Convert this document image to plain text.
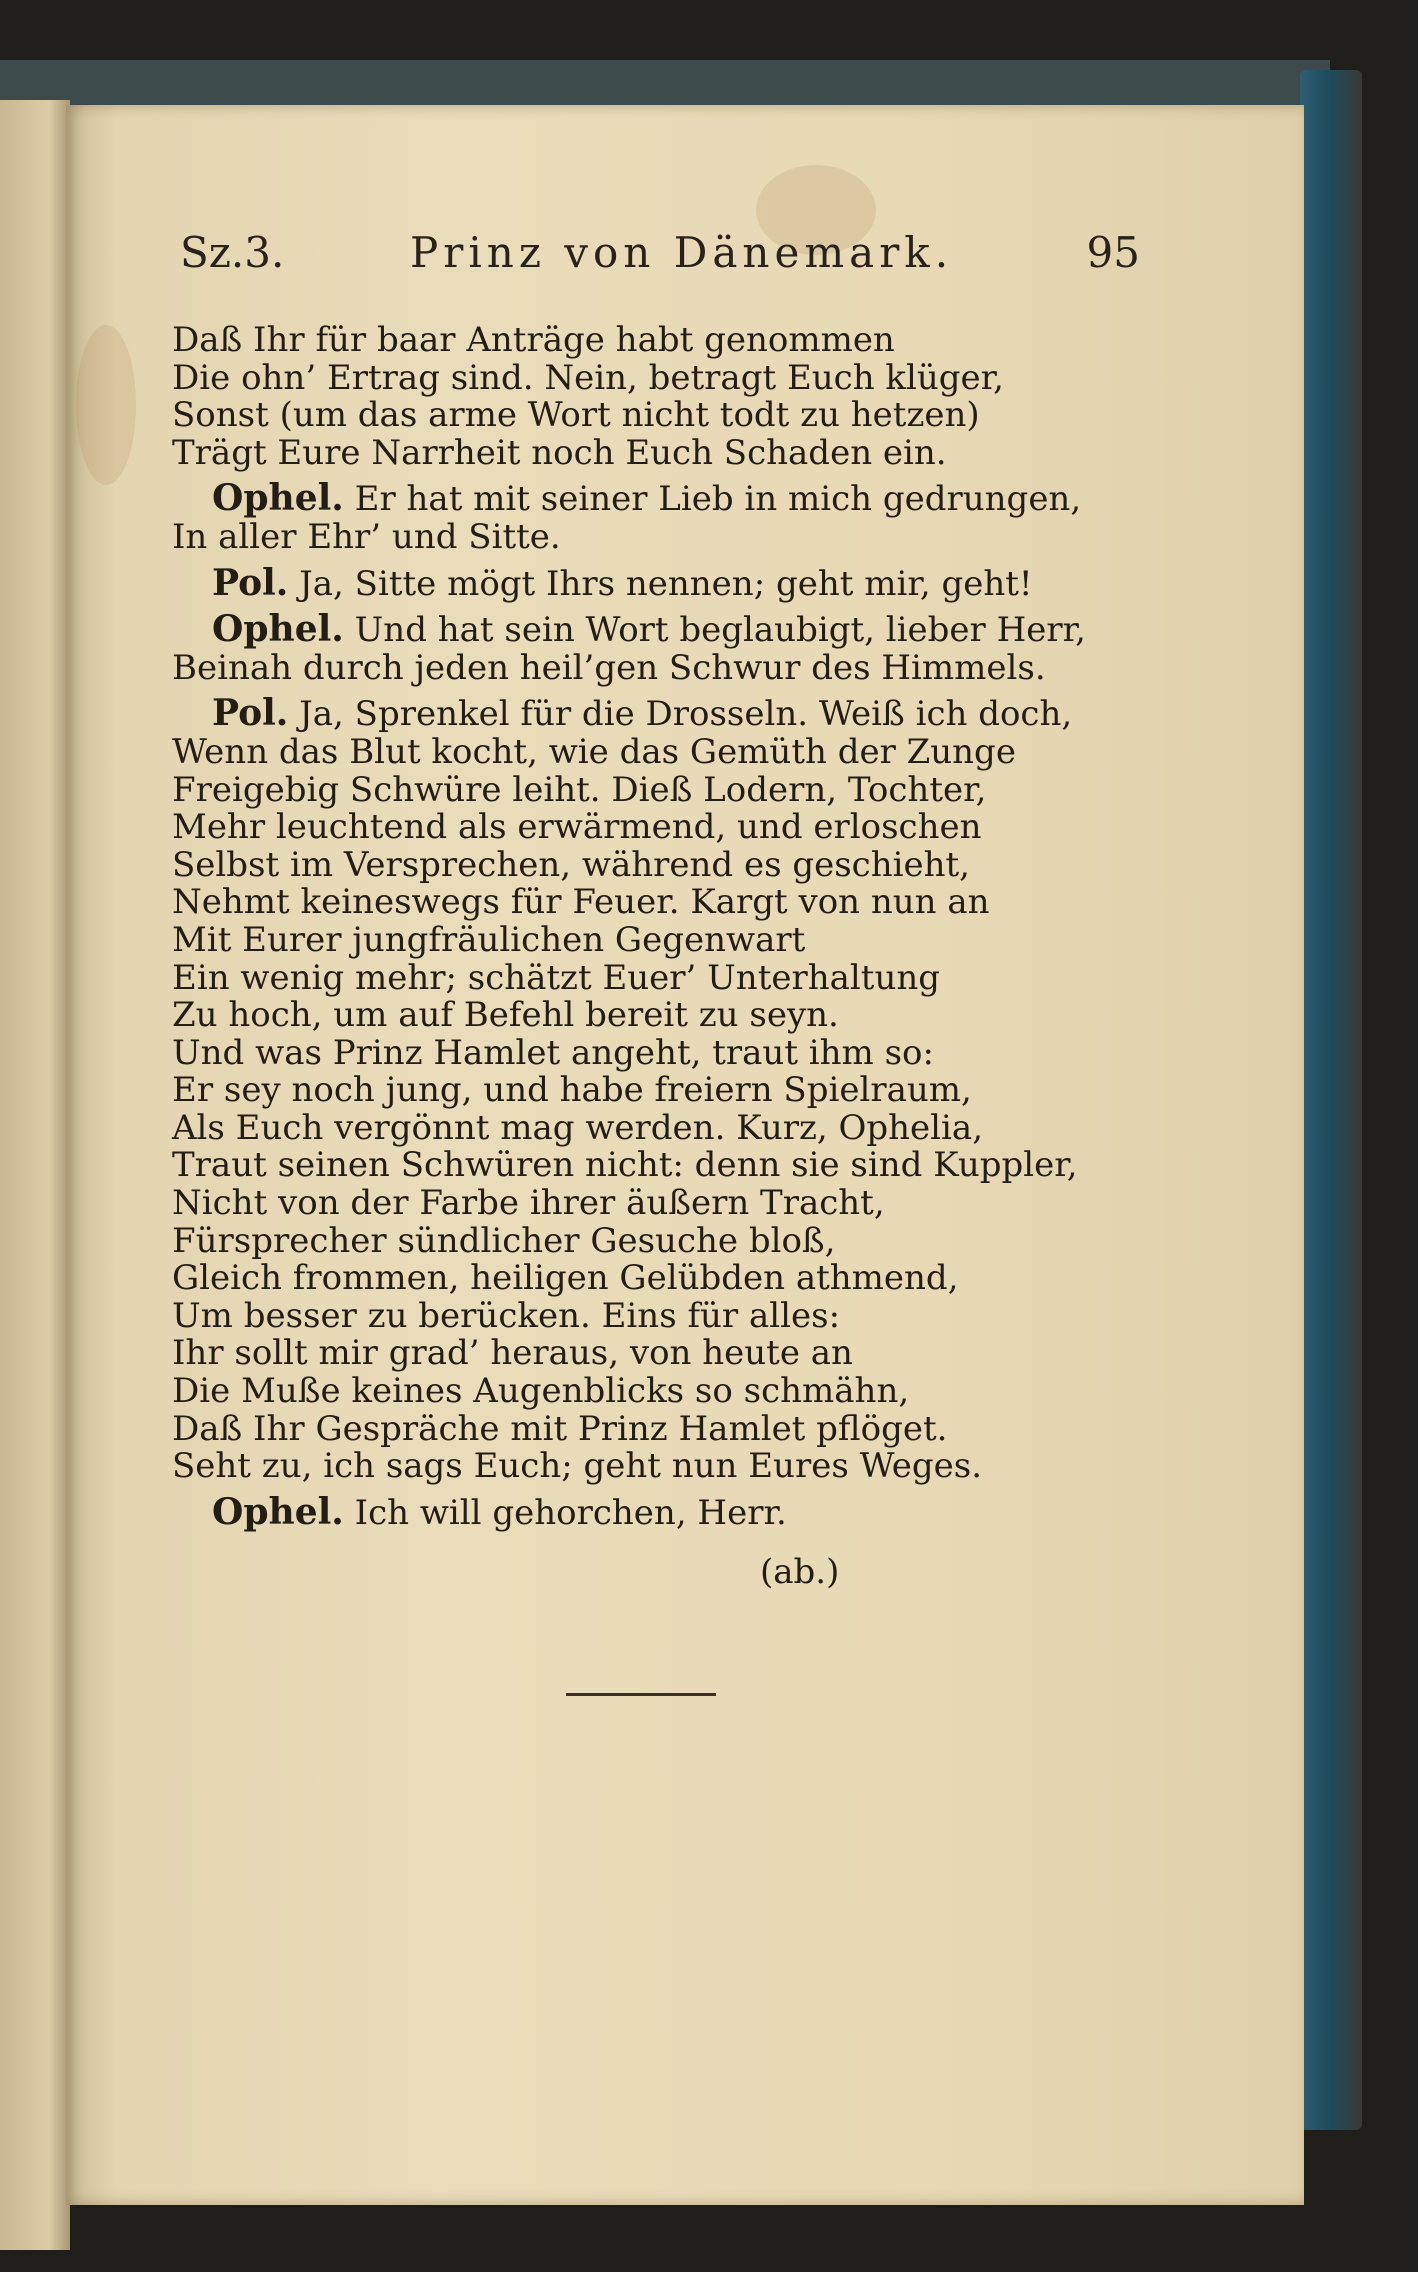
Sz.3.	Prinz von Dänemark.	95
Daß Ihr für baar Anträge habt genommen
Die ohn’ Ertrag sind. Nein, betragt Euch klüger,
Sonst (um das arme Wort nicht todt zu hetzen)
Trägt Eure Narrheit noch Euch Schaden ein.
Ophel. Er hat mit seiner Lieb in mich gedrungen,
In aller Ehr’ und Sitte.
Pol. Ja, Sitte mögt Ihrs nennen; geht mir, geht!
Ophel. Und hat sein Wort beglaubigt, lieber Herr,
Beinah durch jeden heil’gen Schwur des Himmels.
Pol. Ja, Sprenkel für die Drosseln. Weiß ich doch,
Wenn das Blut kocht, wie das Gemüth der Zunge
Freigebig Schwüre leiht. Dieß Lodern, Tochter,
Mehr leuchtend als erwärmend, und erloschen
Selbst im Versprechen, während es geschieht,
Nehmt keineswegs für Feuer. Kargt von nun an
Mit Eurer jungfräulichen Gegenwart
Ein wenig mehr; schätzt Euer’ Unterhaltung
Zu hoch, um auf Befehl bereit zu seyn.
Und was Prinz Hamlet angeht, traut ihm so:
Er sey noch jung, und habe freiern Spielraum,
Als Euch vergönnt mag werden. Kurz, Ophelia,
Traut seinen Schwüren nicht: denn sie sind Kuppler,
Nicht von der Farbe ihrer äußern Tracht,
Fürsprecher sündlicher Gesuche bloß,
Gleich frommen, heiligen Gelübden athmend,
Um besser zu berücken. Eins für alles:
Ihr sollt mir grad’ heraus, von heute an
Die Muße keines Augenblicks so schmähn,
Daß Ihr Gespräche mit Prinz Hamlet pflöget.
Seht zu, ich sags Euch; geht nun Eures Weges.
Ophel. Ich will gehorchen, Herr.
(ab.)
